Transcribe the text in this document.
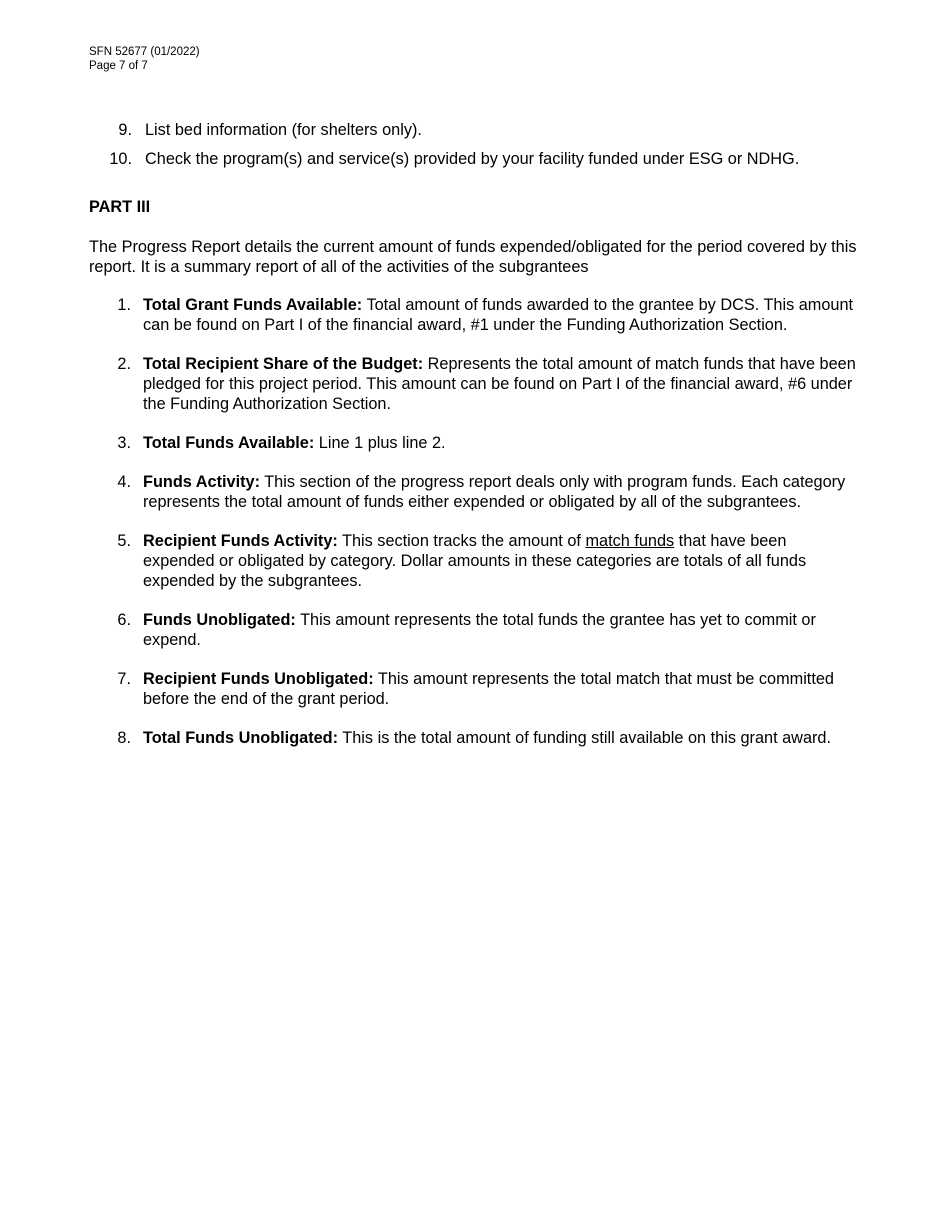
SFN 52677 (01/2022)
Page 7 of 7
9. List bed information (for shelters only).
10. Check the program(s) and service(s) provided by your facility funded under ESG or NDHG.
PART III

The Progress Report details the current amount of funds expended/obligated for the period covered by this report. It is a summary report of all of the activities of the subgrantees

1. Total Grant Funds Available: Total amount of funds awarded to the grantee by DCS. This amount can be found on Part I of the financial award, #1 under the Funding Authorization Section.
2. Total Recipient Share of the Budget: Represents the total amount of match funds that have been pledged for this project period. This amount can be found on Part I of the financial award, #6 under the Funding Authorization Section.
3. Total Funds Available: Line 1 plus line 2.
4. Funds Activity: This section of the progress report deals only with program funds. Each category represents the total amount of funds either expended or obligated by all of the subgrantees.
5. Recipient Funds Activity: This section tracks the amount of match funds that have been expended or obligated by category. Dollar amounts in these categories are totals of all funds expended by the subgrantees.
6. Funds Unobligated: This amount represents the total funds the grantee has yet to commit or expend.
7. Recipient Funds Unobligated: This amount represents the total match that must be committed before the end of the grant period.
8. Total Funds Unobligated: This is the total amount of funding still available on this grant award.
